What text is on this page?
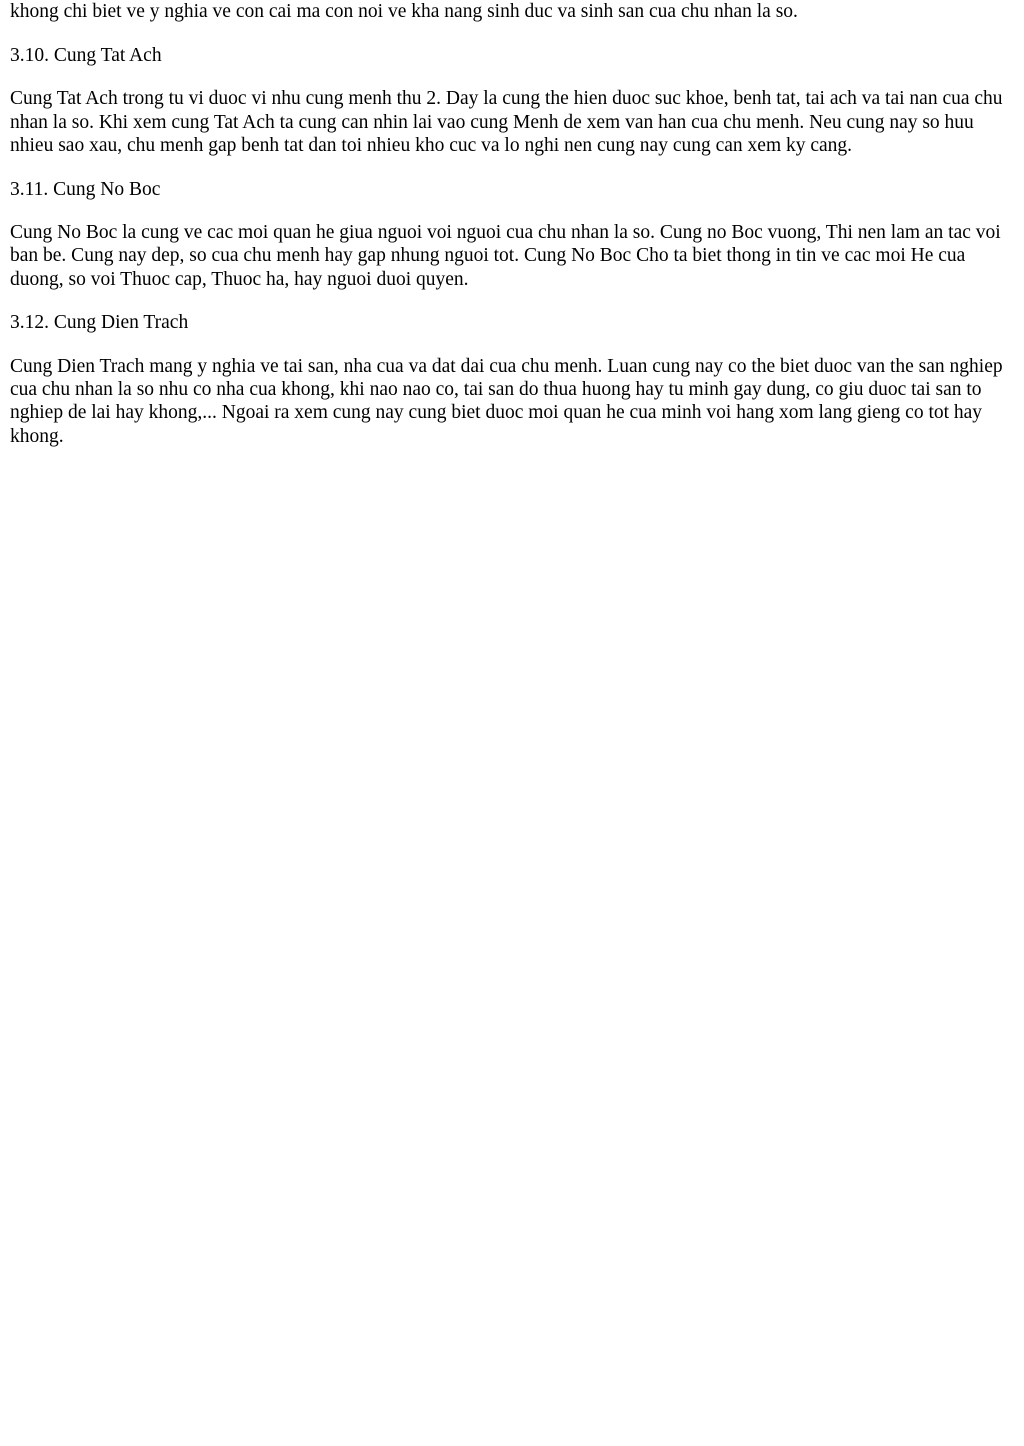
khong chi biet ve y nghia ve con cai ma con noi ve kha nang sinh duc va sinh san cua chu nhan la so.

3.10. Cung Tat Ach

Cung Tat Ach trong tu vi duoc vi nhu cung menh thu 2. Day la cung the hien duoc suc khoe, benh tat, tai ach va tai nan cua chu nhan la so. Khi xem cung Tat Ach ta cung can nhin lai vao cung Menh de xem van han cua chu menh. Neu cung nay so huu nhieu sao xau, chu menh gap benh tat dan toi nhieu kho cuc va lo nghi nen cung nay cung can xem ky cang.

3.11. Cung No Boc

Cung No Boc la cung ve cac moi quan he giua nguoi voi nguoi cua chu nhan la so. Cung no Boc vuong, Thi nen lam an tac voi ban be. Cung nay dep, so cua chu menh hay gap nhung nguoi tot. Cung No Boc Cho ta biet thong in tin ve cac moi He cua duong, so voi Thuoc cap, Thuoc ha, hay nguoi duoi quyen.

3.12. Cung Dien Trach

Cung Dien Trach mang y nghia ve tai san, nha cua va dat dai cua chu menh. Luan cung nay co the biet duoc van the san nghiep cua chu nhan la so nhu co nha cua khong, khi nao nao co, tai san do thua huong hay tu minh gay dung, co giu duoc tai san to nghiep de lai hay khong,... Ngoai ra xem cung nay cung biet duoc moi quan he cua minh voi hang xom lang gieng co tot hay khong.
